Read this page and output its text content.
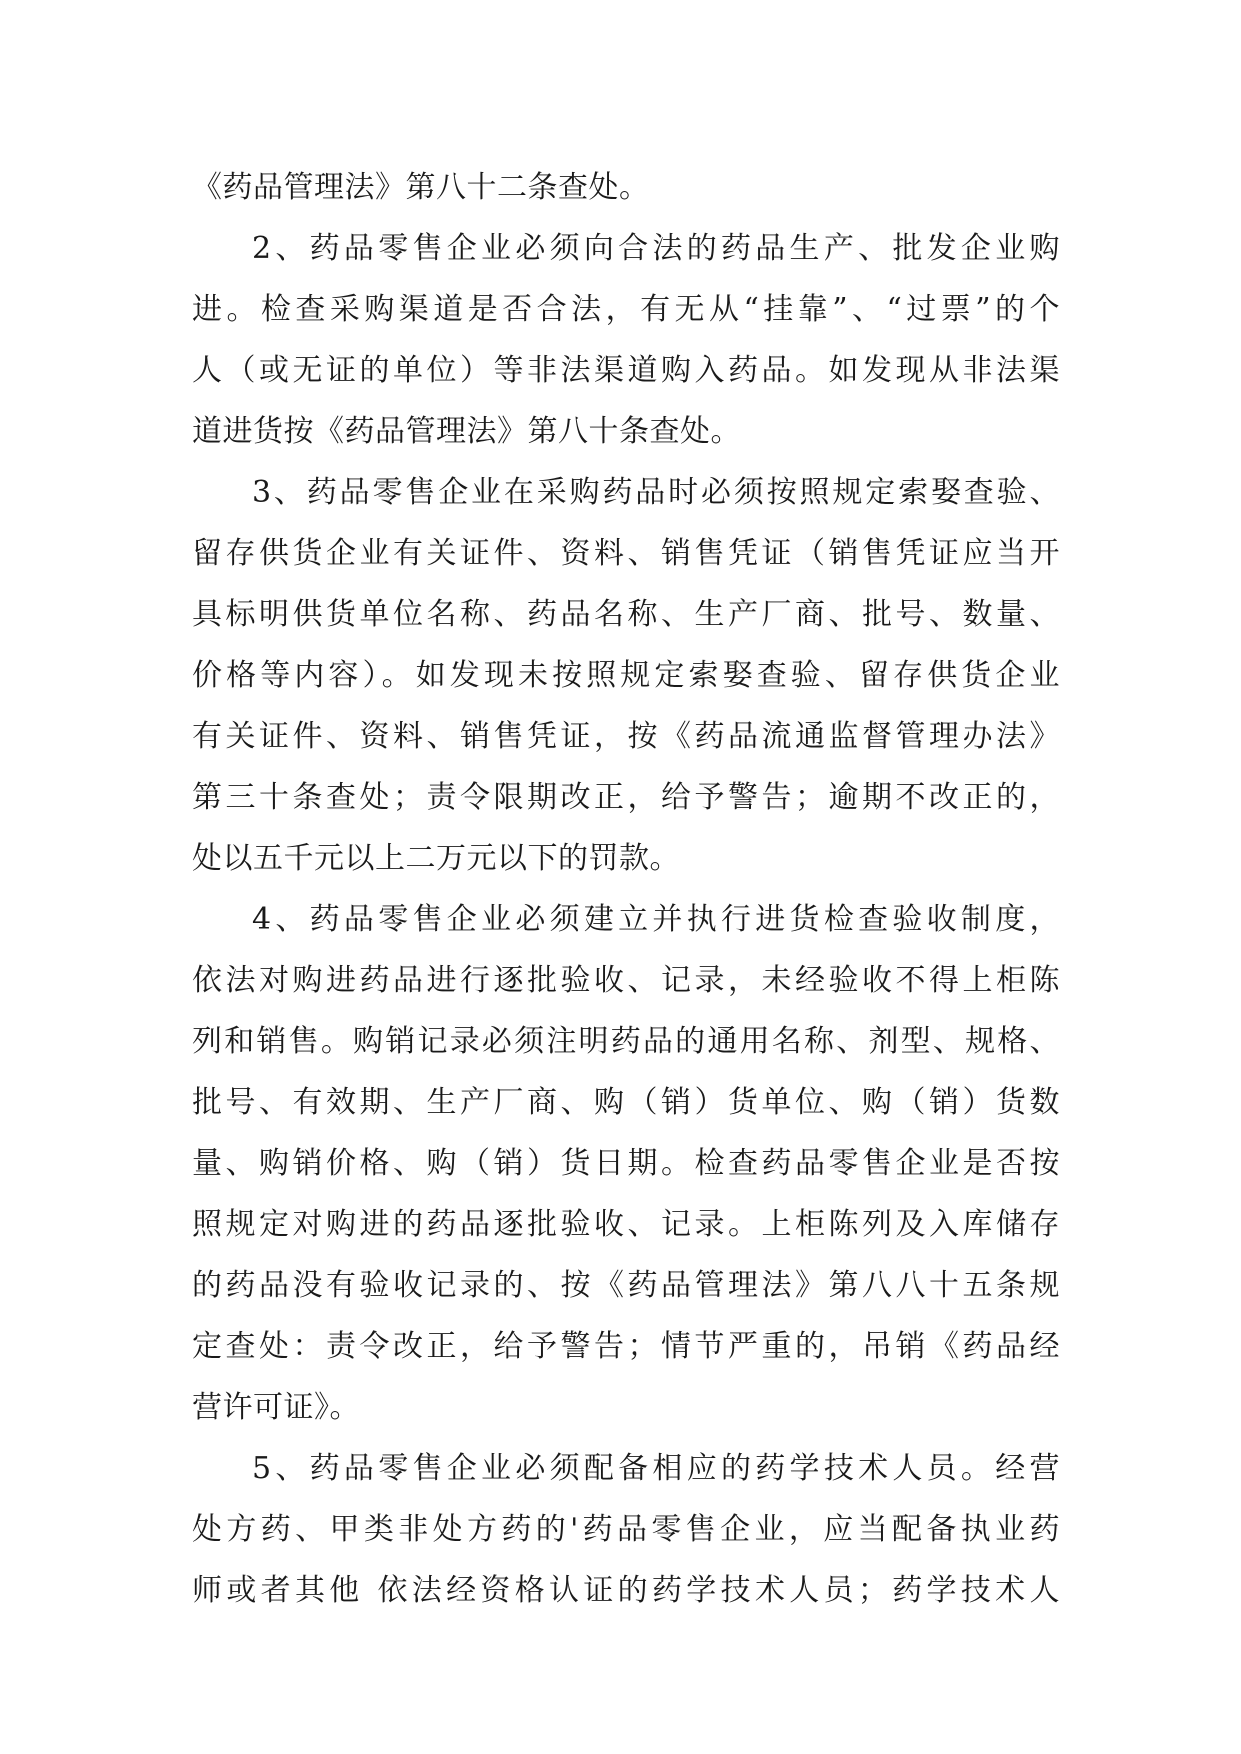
《药品管理法》第八十二条查处。
2、药品零售企业必须向合法的药品生产、批发企业购
进。检查采购渠道是否合法，有无从“挂靠”、“过票”的个
人（或无证的单位）等非法渠道购入药品。如发现从非法渠
道进货按《药品管理法》第八十条查处。
3、药品零售企业在采购药品时必须按照规定索娶查验、
留存供货企业有关证件、资料、销售凭证（销售凭证应当开
具标明供货单位名称、药品名称、生产厂商、批号、数量、
价格等内容）。如发现未按照规定索娶查验、留存供货企业
有关证件、资料、销售凭证，按《药品流通监督管理办法》
第三十条查处；责令限期改正，给予警告；逾期不改正的，
处以五千元以上二万元以下的罚款。
4、药品零售企业必须建立并执行进货检查验收制度，
依法对购进药品进行逐批验收、记录，未经验收不得上柜陈
列和销售。购销记录必须注明药品的通用名称、剂型、规格、
批号、有效期、生产厂商、购（销）货单位、购（销）货数
量、购销价格、购（销）货日期。检查药品零售企业是否按
照规定对购进的药品逐批验收、记录。上柜陈列及入库储存
的药品没有验收记录的、按《药品管理法》第八八十五条规
定查处：责令改正，给予警告；情节严重的，吊销《药品经
营许可证》。
5、药品零售企业必须配备相应的药学技术人员。经营
处方药、甲类非处方药的'药品零售企业，应当配备执业药
师或者其他 依法经资格认证的药学技术人员；药学技术人
